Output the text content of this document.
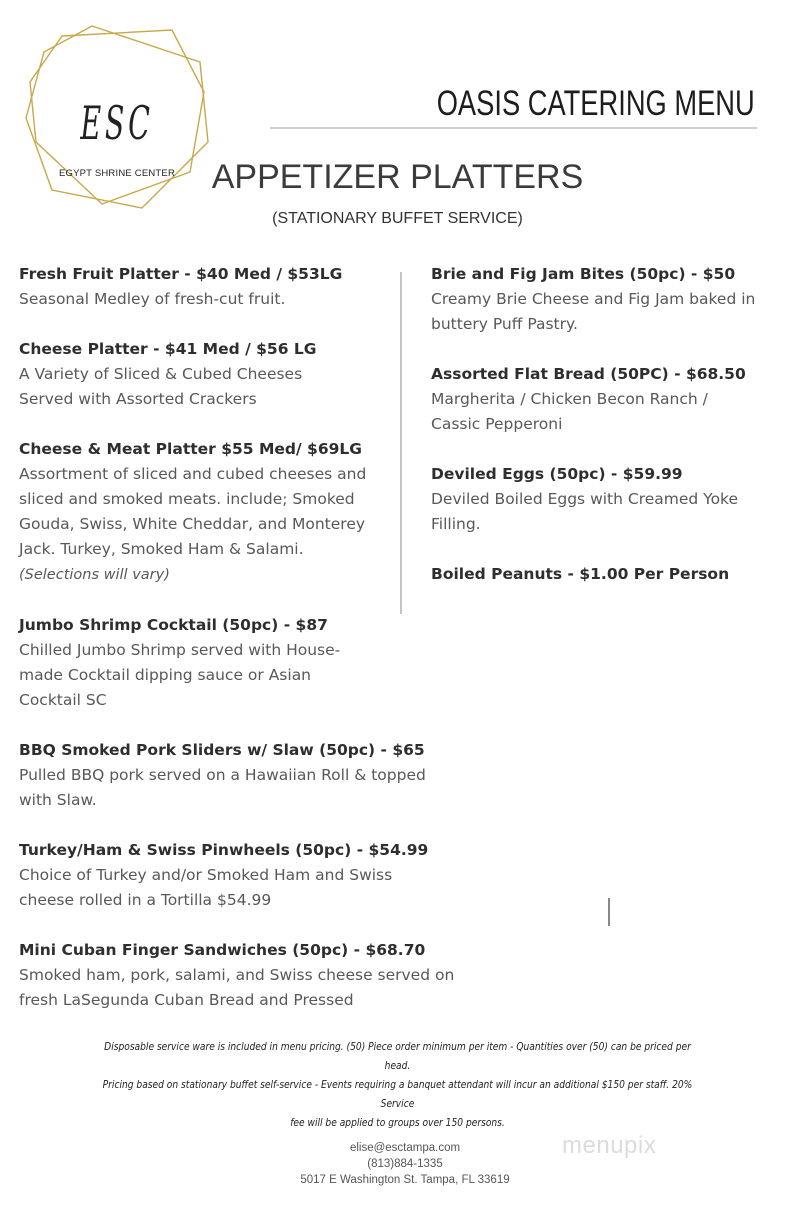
ESC
EGYPT SHRINE CENTER
OASIS CATERING MENU
APPETIZER PLATTERS
(STATIONARY BUFFET SERVICE)
Fresh Fruit Platter - $40 Med / $53LG
Seasonal Medley of fresh-cut fruit.
Cheese Platter - $41 Med / $56 LG
A Variety of Sliced & Cubed Cheeses Served with Assorted Crackers
Cheese & Meat Platter $55 Med/ $69LG
Assortment of sliced and cubed cheeses and sliced and smoked meats. include; Smoked Gouda, Swiss, White Cheddar, and Monterey Jack. Turkey, Smoked Ham & Salami. (Selections will vary)
Jumbo Shrimp Cocktail (50pc) - $87
Chilled Jumbo Shrimp served with House-made Cocktail dipping sauce or Asian Cocktail SC
BBQ Smoked Pork Sliders w/ Slaw (50pc) - $65
Pulled BBQ pork served on a Hawaiian Roll & topped with Slaw.
Turkey/Ham & Swiss Pinwheels (50pc) - $54.99
Choice of Turkey and/or Smoked Ham and Swiss cheese rolled in a Tortilla $54.99
Mini Cuban Finger Sandwiches (50pc) - $68.70
Smoked ham, pork, salami, and Swiss cheese served on fresh LaSegunda Cuban Bread and Pressed
Brie and Fig Jam Bites (50pc) - $50
Creamy Brie Cheese and Fig Jam baked in buttery Puff Pastry.
Assorted Flat Bread (50PC) - $68.50
Margherita / Chicken Becon Ranch / Cassic Pepperoni
Deviled Eggs (50pc) - $59.99
Deviled Boiled Eggs with Creamed Yoke Filling.
Boiled Peanuts - $1.00 Per Person
Disposable service ware is included in menu pricing. (50) Piece order minimum per item - Quantities over (50) can be priced per head.
Pricing based on stationary buffet self-service - Events requiring a banquet attendant will incur an additional $150 per staff. 20% Service
fee will be applied to groups over 150 persons.
menupix
elise@esctampa.com
(813)884-1335
5017 E Washington St. Tampa, FL 33619
